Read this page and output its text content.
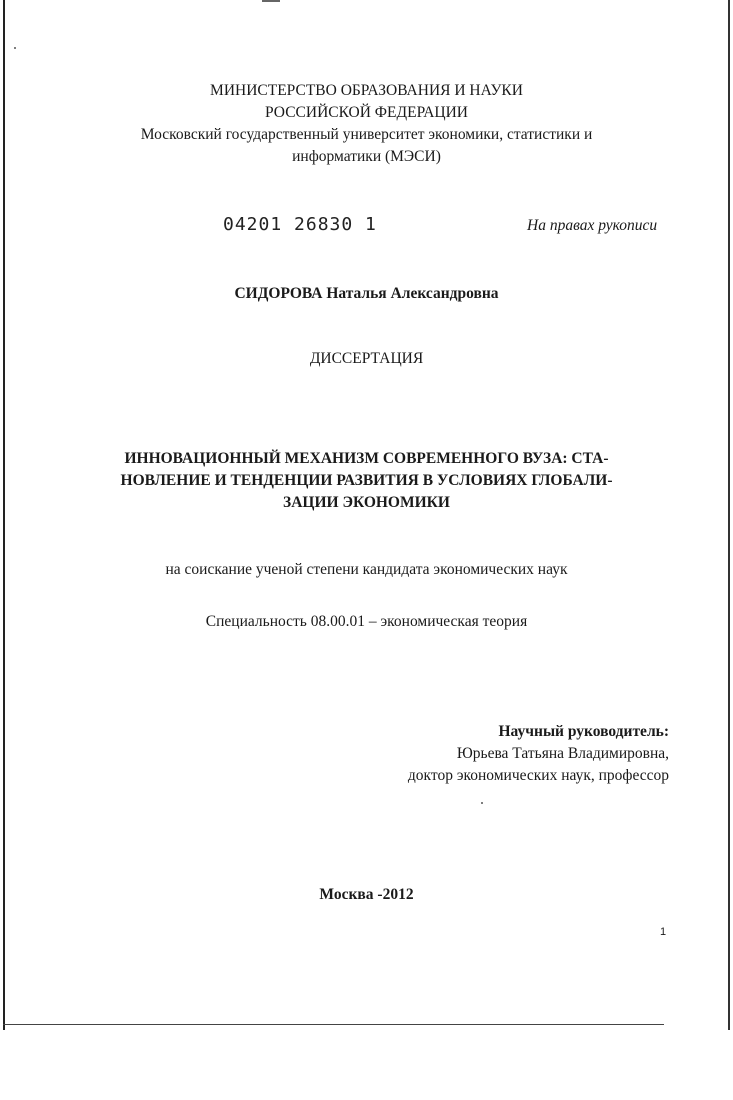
МИНИСТЕРСТВО ОБРАЗОВАНИЯ И НАУКИ
РОССИЙСКОЙ ФЕДЕРАЦИИ
Московский государственный университет экономики, статистики и
информатики (МЭСИ)
04201 26830 1	На правах рукописи
СИДОРОВА Наталья Александровна
ДИССЕРТАЦИЯ
ИННОВАЦИОННЫЙ МЕХАНИЗМ СОВРЕМЕННОГО ВУЗА: СТА-
НОВЛЕНИЕ И ТЕНДЕНЦИИ РАЗВИТИЯ В УСЛОВИЯХ ГЛОБАЛИ-
ЗАЦИИ ЭКОНОМИКИ
на соискание ученой степени кандидата экономических наук
Специальность 08.00.01 – экономическая теория
Научный руководитель:
Юрьева Татьяна Владимировна,
доктор экономических наук, профессор
Москва -2012
1
